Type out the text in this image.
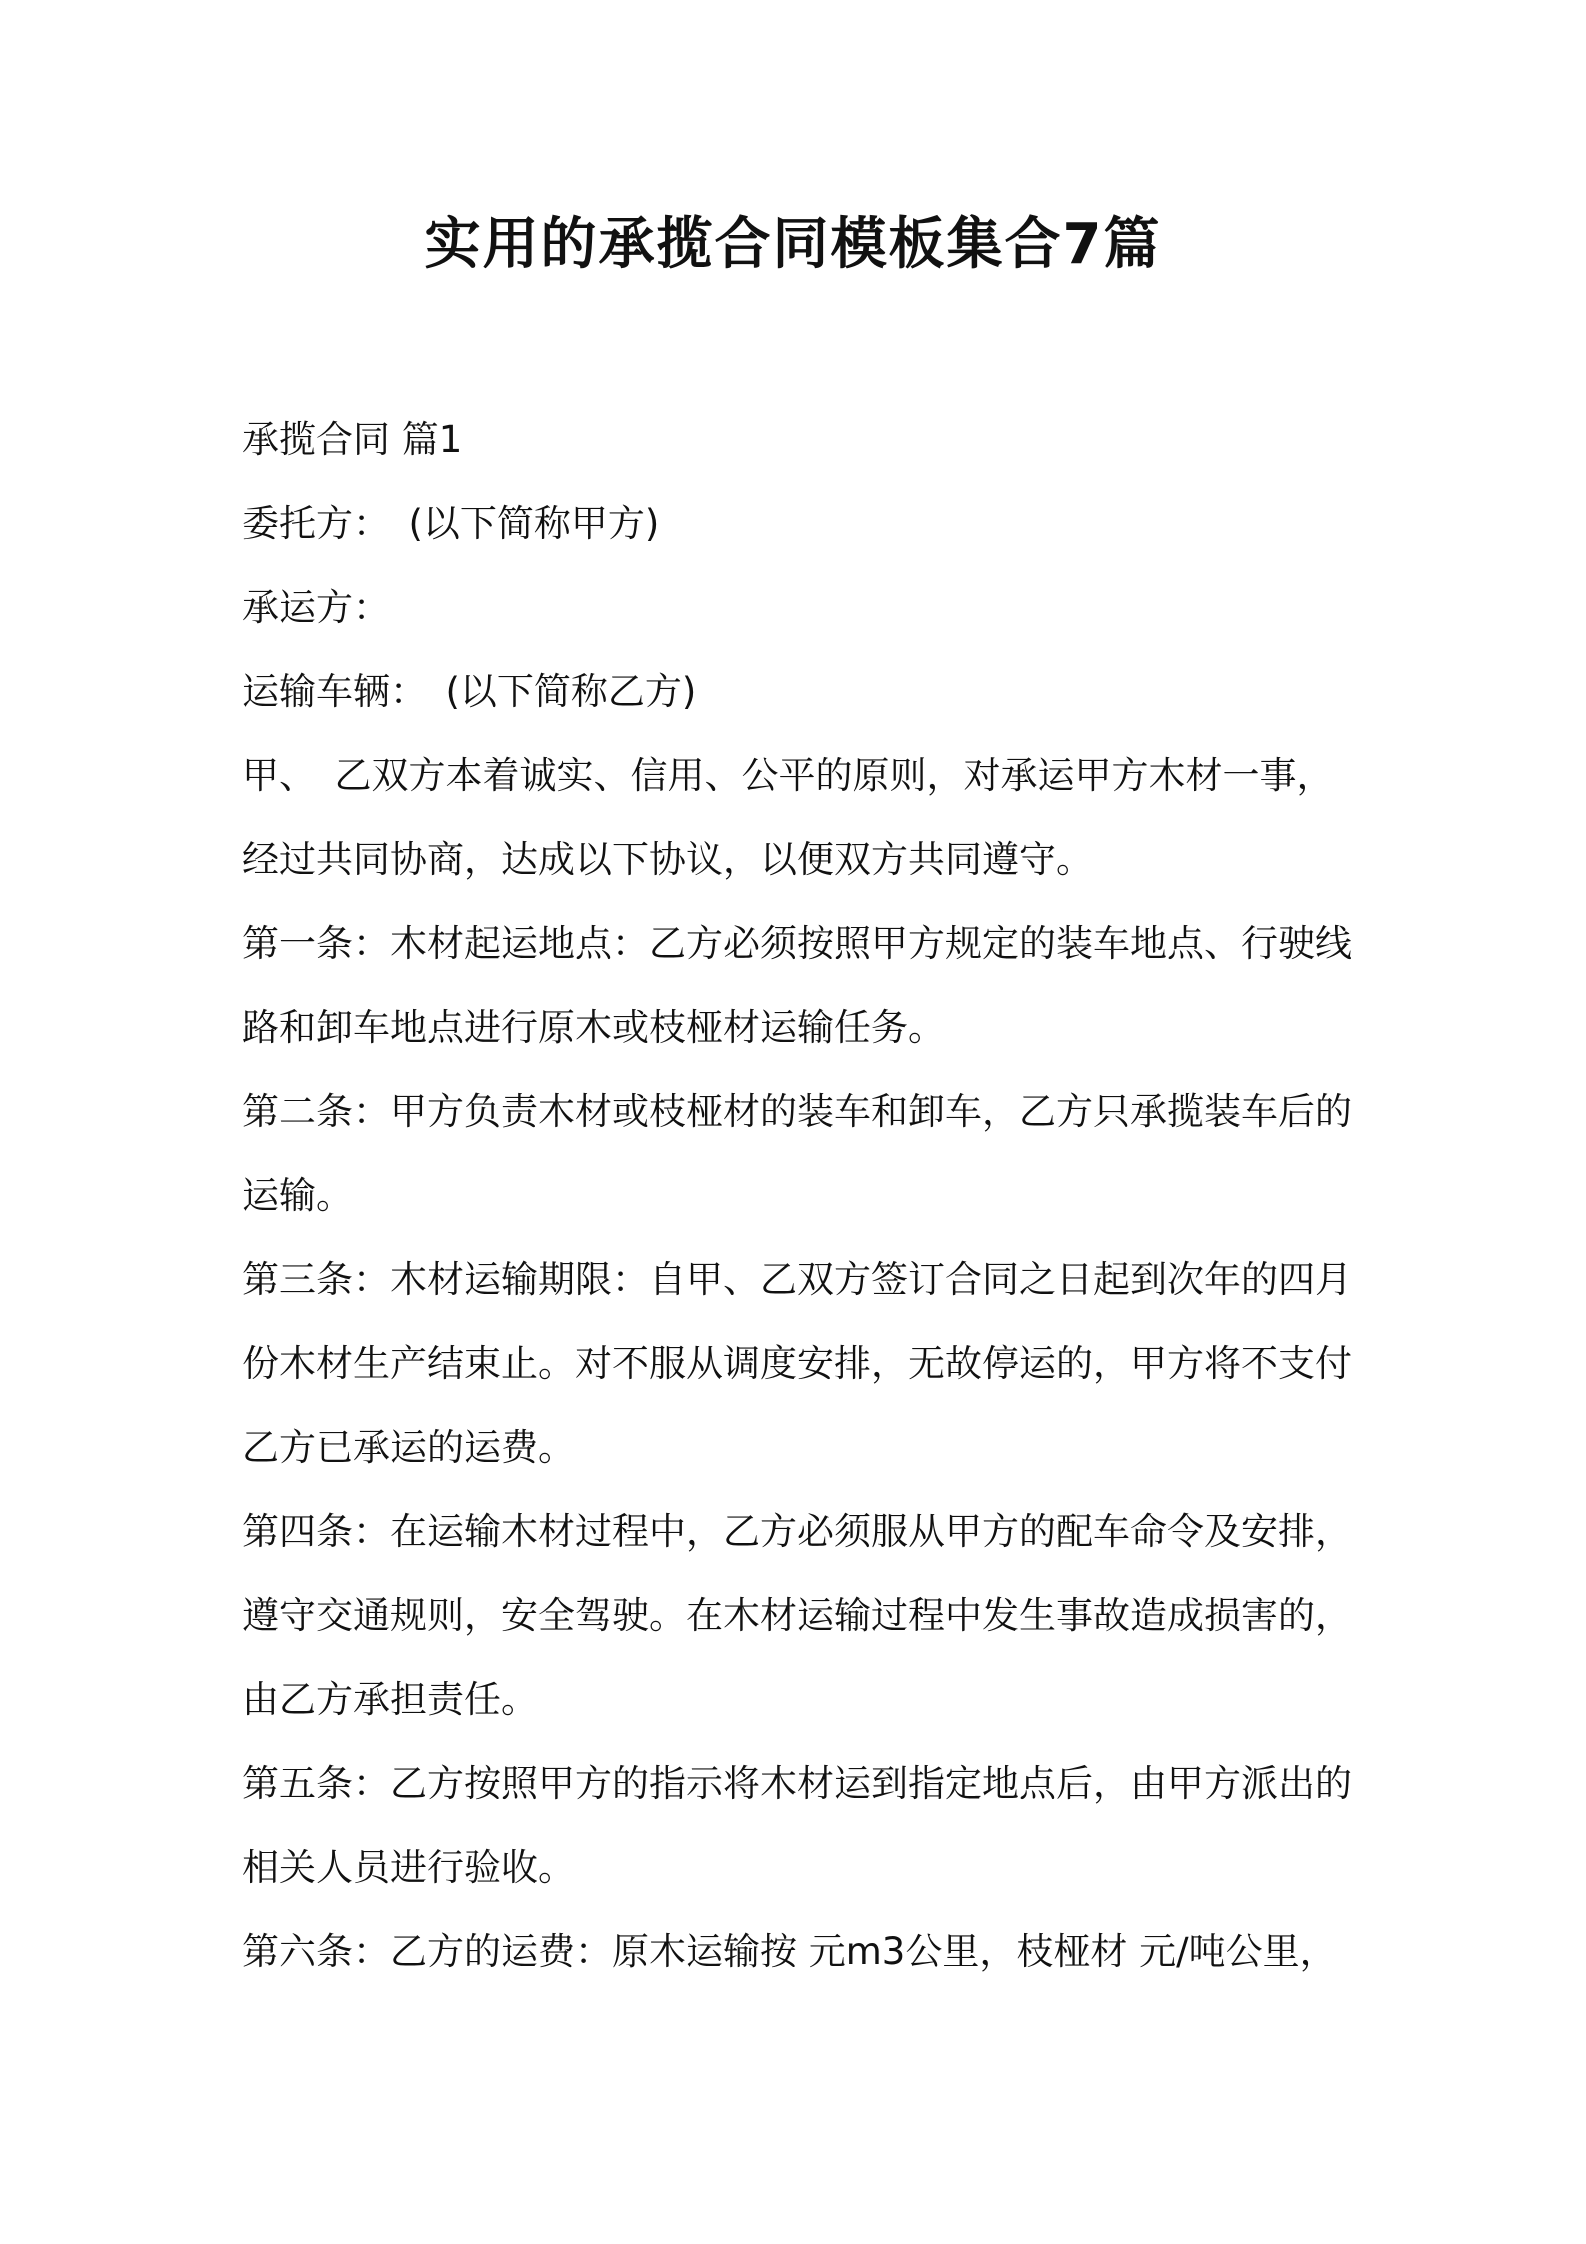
实用的承揽合同模板集合7篇

承揽合同 篇1

委托方：　(以下简称甲方)

承运方：

运输车辆：　(以下简称乙方)

甲、　乙双方本着诚实、信用、公平的原则，对承运甲方木材一事，

经过共同协商，达成以下协议，以便双方共同遵守。

第一条：木材起运地点：乙方必须按照甲方规定的装车地点、行驶线

路和卸车地点进行原木或枝桠材运输任务。

第二条：甲方负责木材或枝桠材的装车和卸车，乙方只承揽装车后的

运输。

第三条：木材运输期限：自甲、乙双方签订合同之日起到次年的四月

份木材生产结束止。对不服从调度安排，无故停运的，甲方将不支付

乙方已承运的运费。

第四条：在运输木材过程中，乙方必须服从甲方的配车命令及安排，

遵守交通规则，安全驾驶。在木材运输过程中发生事故造成损害的，

由乙方承担责任。

第五条：乙方按照甲方的指示将木材运到指定地点后，由甲方派出的

相关人员进行验收。

第六条：乙方的运费：原木运输按 元m3公里，枝桠材 元/吨公里，
